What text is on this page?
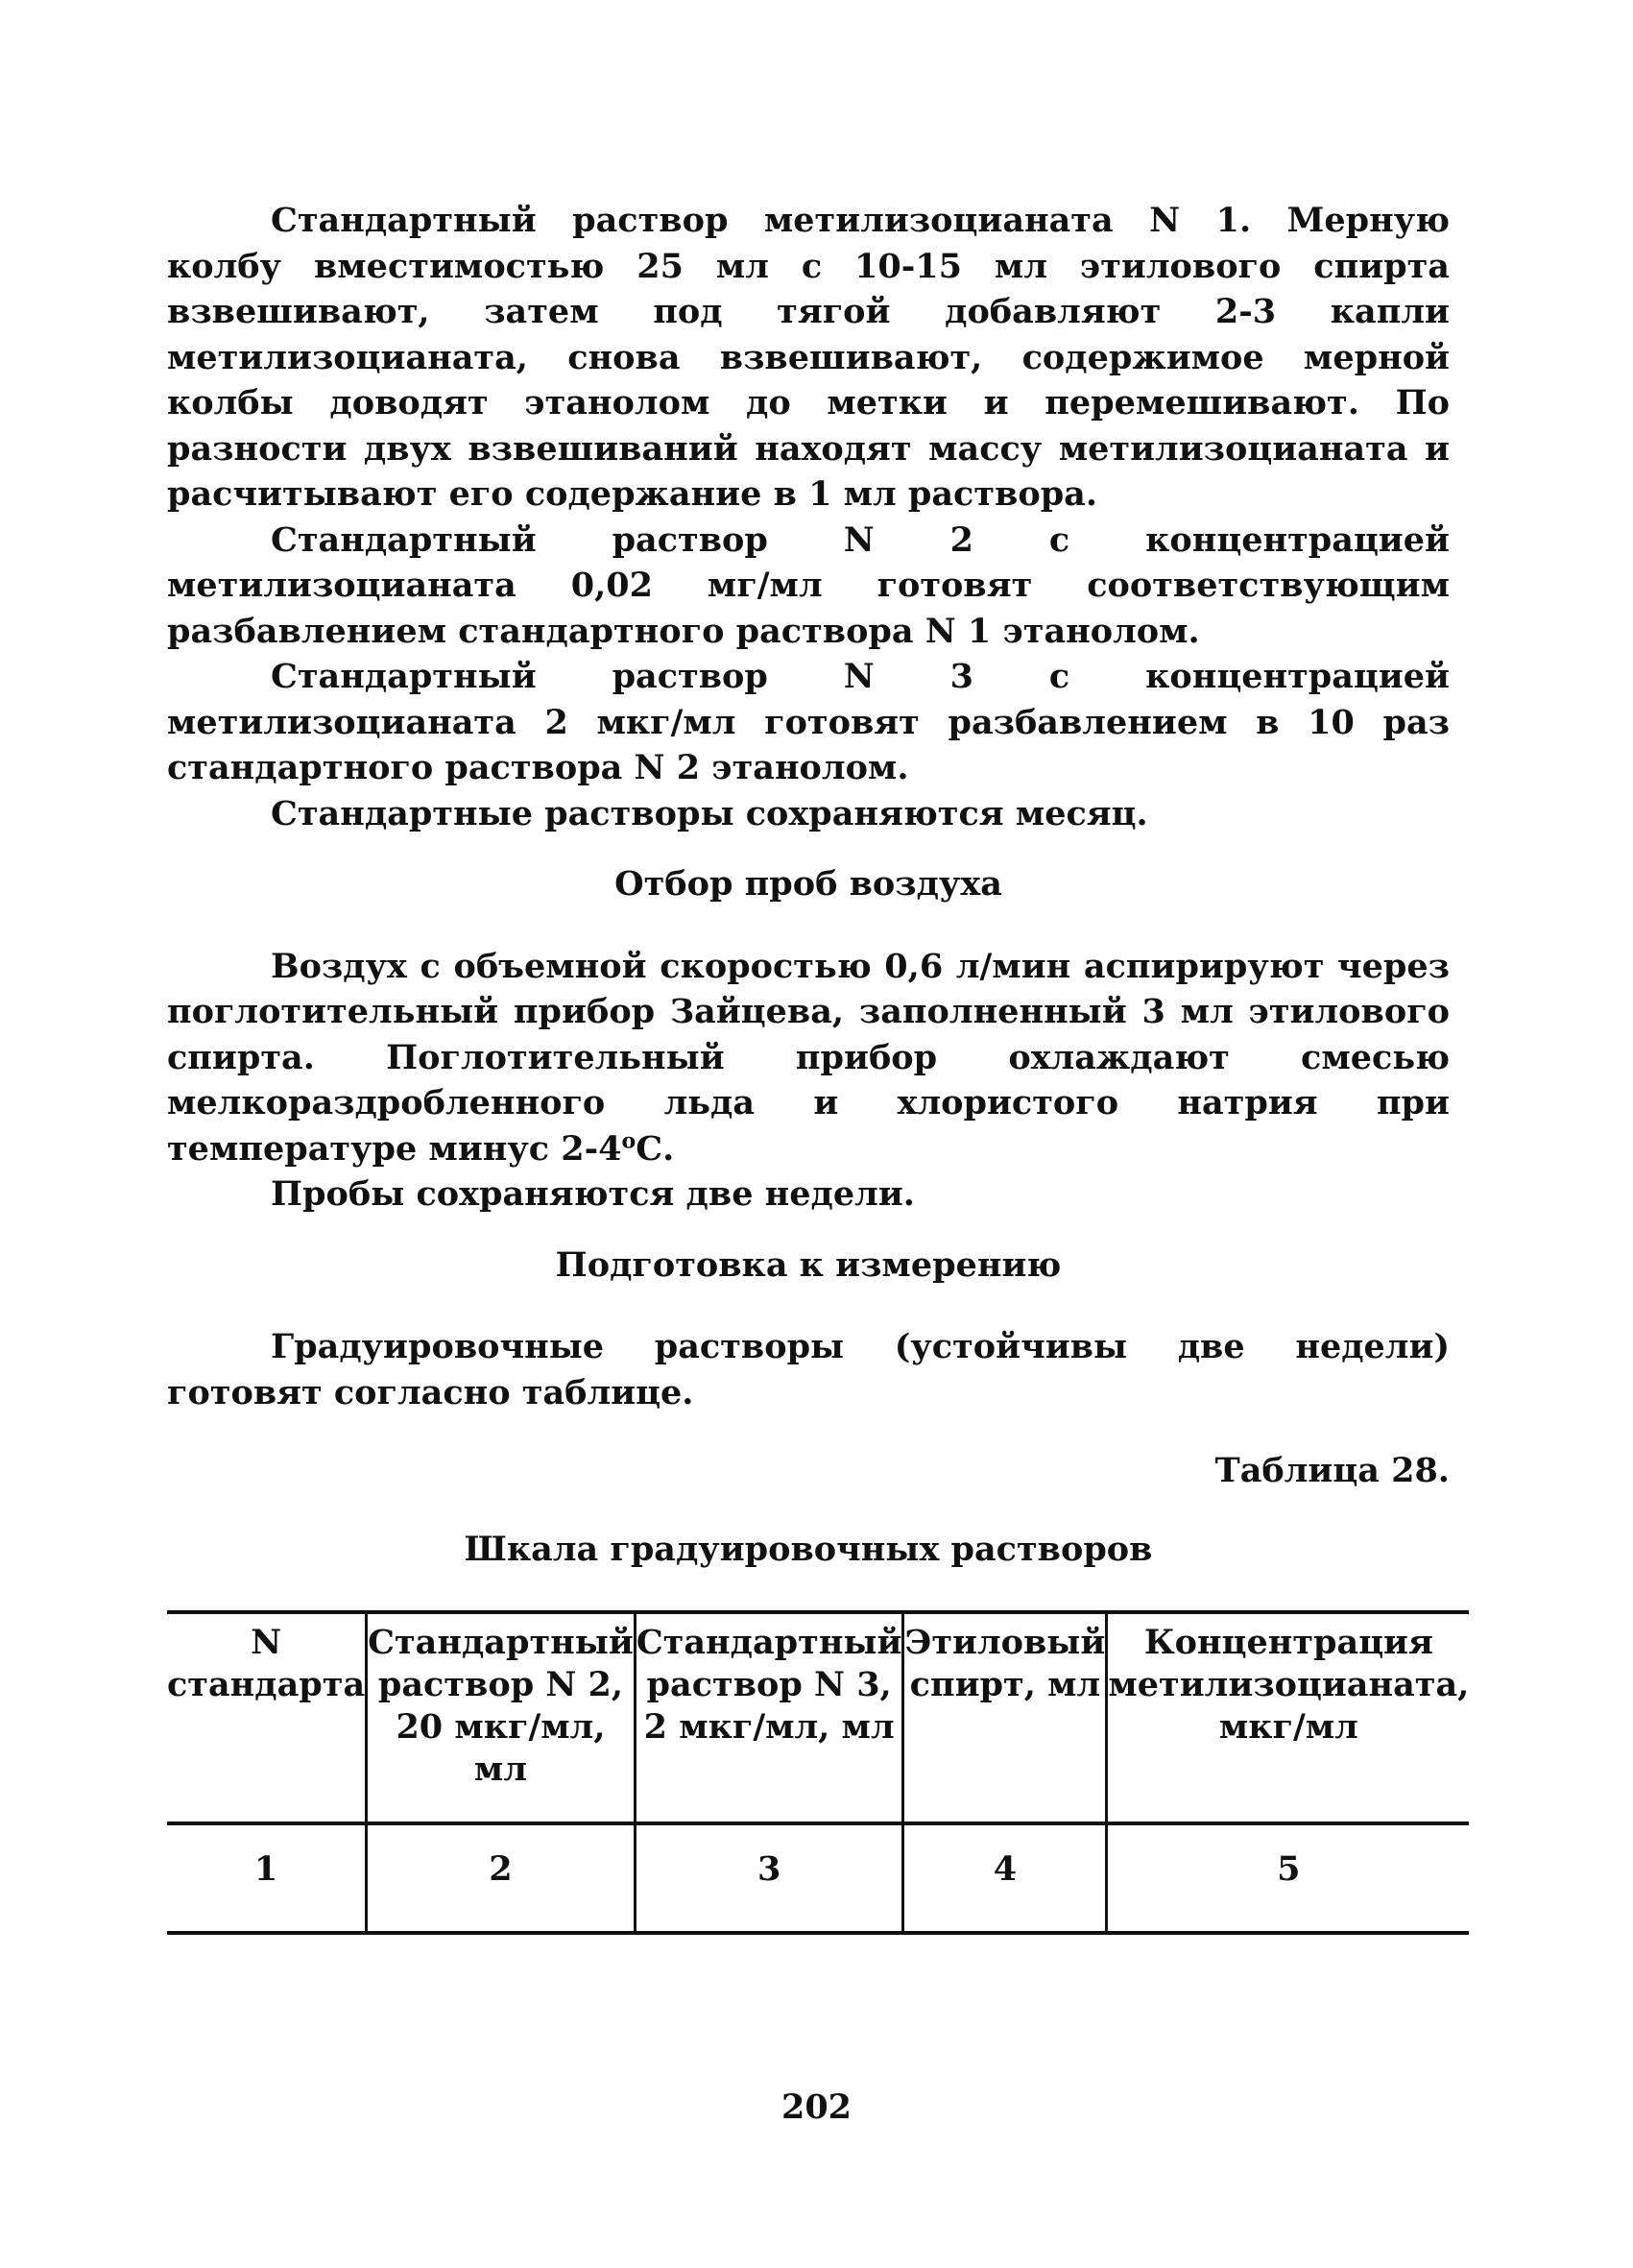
Стандартный раствор метилизоцианата N 1. Мерную колбу вместимостью 25 мл с 10-15 мл этилового спирта взвешивают, затем под тягой добавляют 2-3 капли метилизоцианата, снова взвешивают, содержимое мерной колбы доводят этанолом до метки и перемешивают. По разности двух взвешиваний находят массу метилизоцианата и расчитывают его содержание в 1 мл раствора.

Стандартный раствор N 2 с концентрацией метилизоцианата 0,02 мг/мл готовят соответствующим разбавлением стандартного раствора N 1 этанолом.

Стандартный раствор N 3 с концентрацией метилизоцианата 2 мкг/мл готовят разбавлением в 10 раз стандартного раствора N 2 этанолом.

Стандартные растворы сохраняются месяц.

Отбор проб воздуха

Воздух с объемной скоростью 0,6 л/мин аспирируют через поглотительный прибор Зайцева, заполненный 3 мл этилового спирта. Поглотительный прибор охлаждают смесью мелкораздробленного льда и хлористого натрия при температуре минус $2-4^оС$.

Пробы сохраняются две недели.

Подготовка к измерению

Градуировочные растворы (устойчивы две недели) готовят согласно таблице.

Таблица 28.
Шкала градуировочных растворов
N стандарта	Стандартный раствор N 2, 20 мкг/мл, мл	Стандартный раствор N 3, 2 мкг/мл, мл	Этиловый спирт, мл	Концентрация метилизоцианата, мкг/мл
1	2	3	4	5
202
